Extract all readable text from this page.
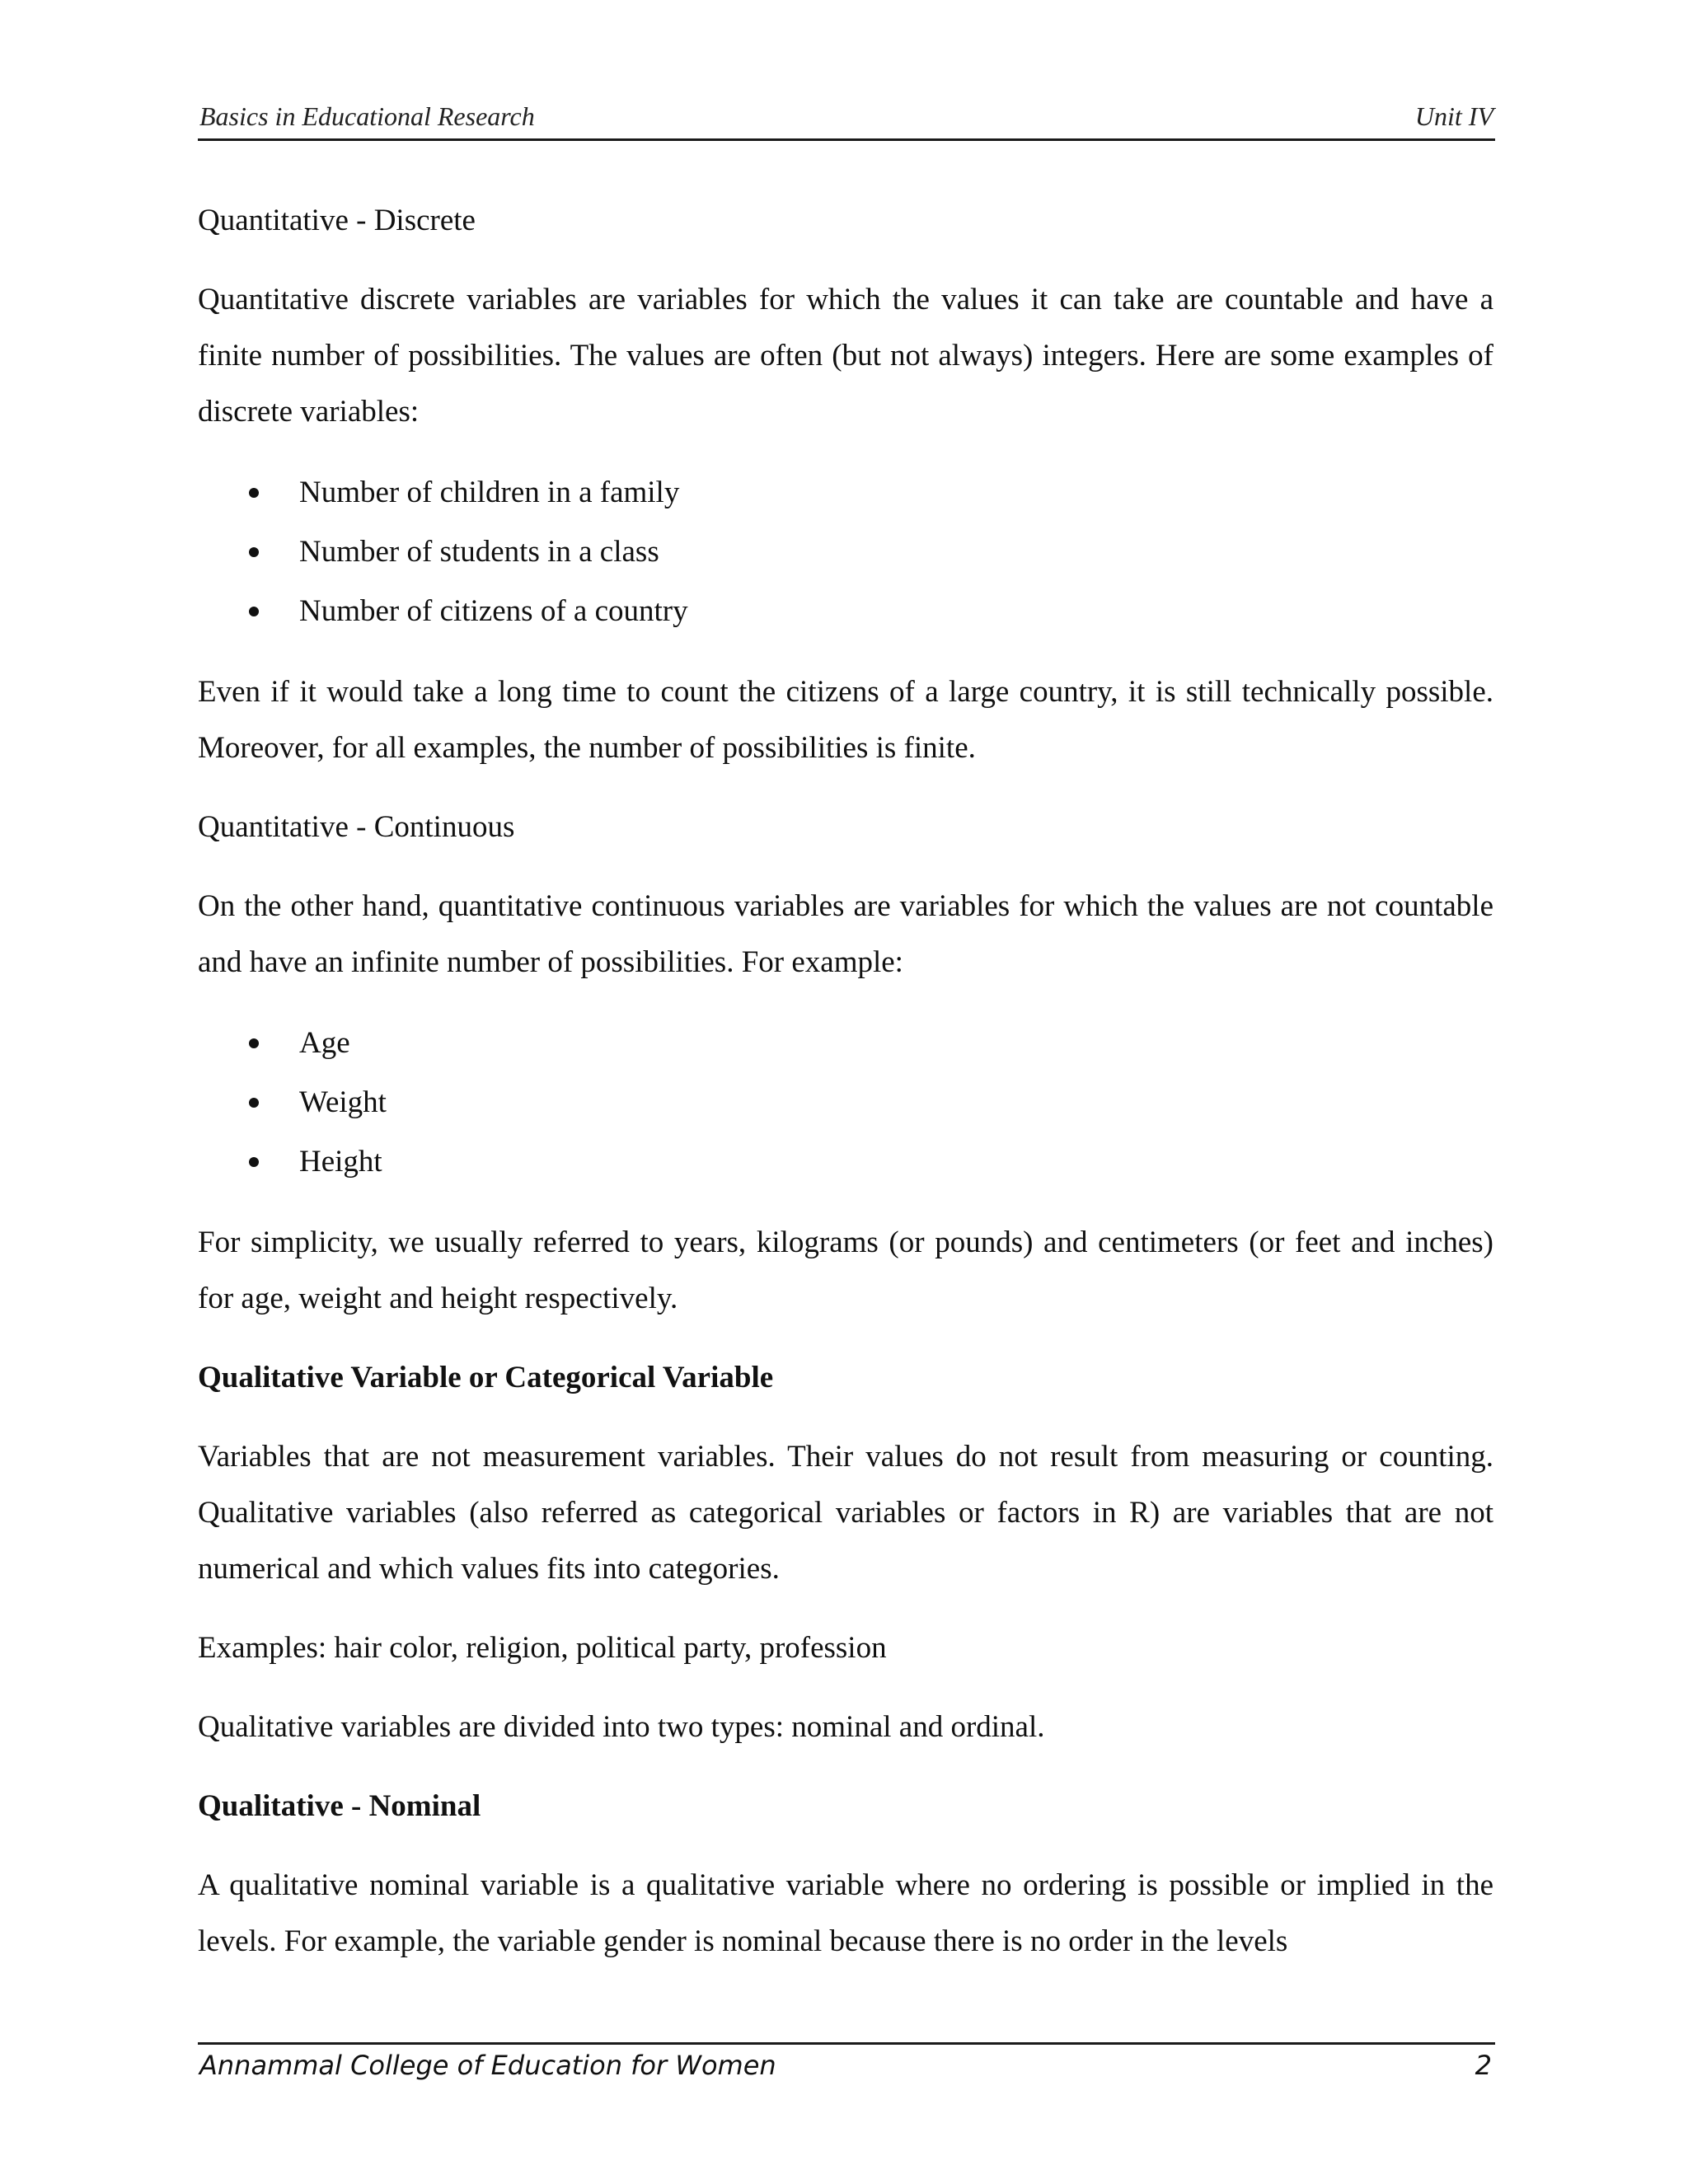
Basics in Educational Research	Unit IV
Quantitative - Discrete

Quantitative discrete variables are variables for which the values it can take are countable and have a finite number of possibilities. The values are often (but not always) integers. Here are some examples of discrete variables:

Number of children in a family
Number of students in a class
Number of citizens of a country

Even if it would take a long time to count the citizens of a large country, it is still technically possible. Moreover, for all examples, the number of possibilities is finite.

Quantitative - Continuous

On the other hand, quantitative continuous variables are variables for which the values are not countable and have an infinite number of possibilities. For example:

Age
Weight
Height

For simplicity, we usually referred to years, kilograms (or pounds) and centimeters (or feet and inches) for age, weight and height respectively.

Qualitative Variable or Categorical Variable

Variables that are not measurement variables. Their values do not result from measuring or counting. Qualitative variables (also referred as categorical variables or factors in R) are variables that are not numerical and which values fits into categories.

Examples: hair color, religion, political party, profession

Qualitative variables are divided into two types: nominal and ordinal.

Qualitative - Nominal

A qualitative nominal variable is a qualitative variable where no ordering is possible or implied in the levels. For example, the variable gender is nominal because there is no order in the levels

Annammal College of Education for Women	2
